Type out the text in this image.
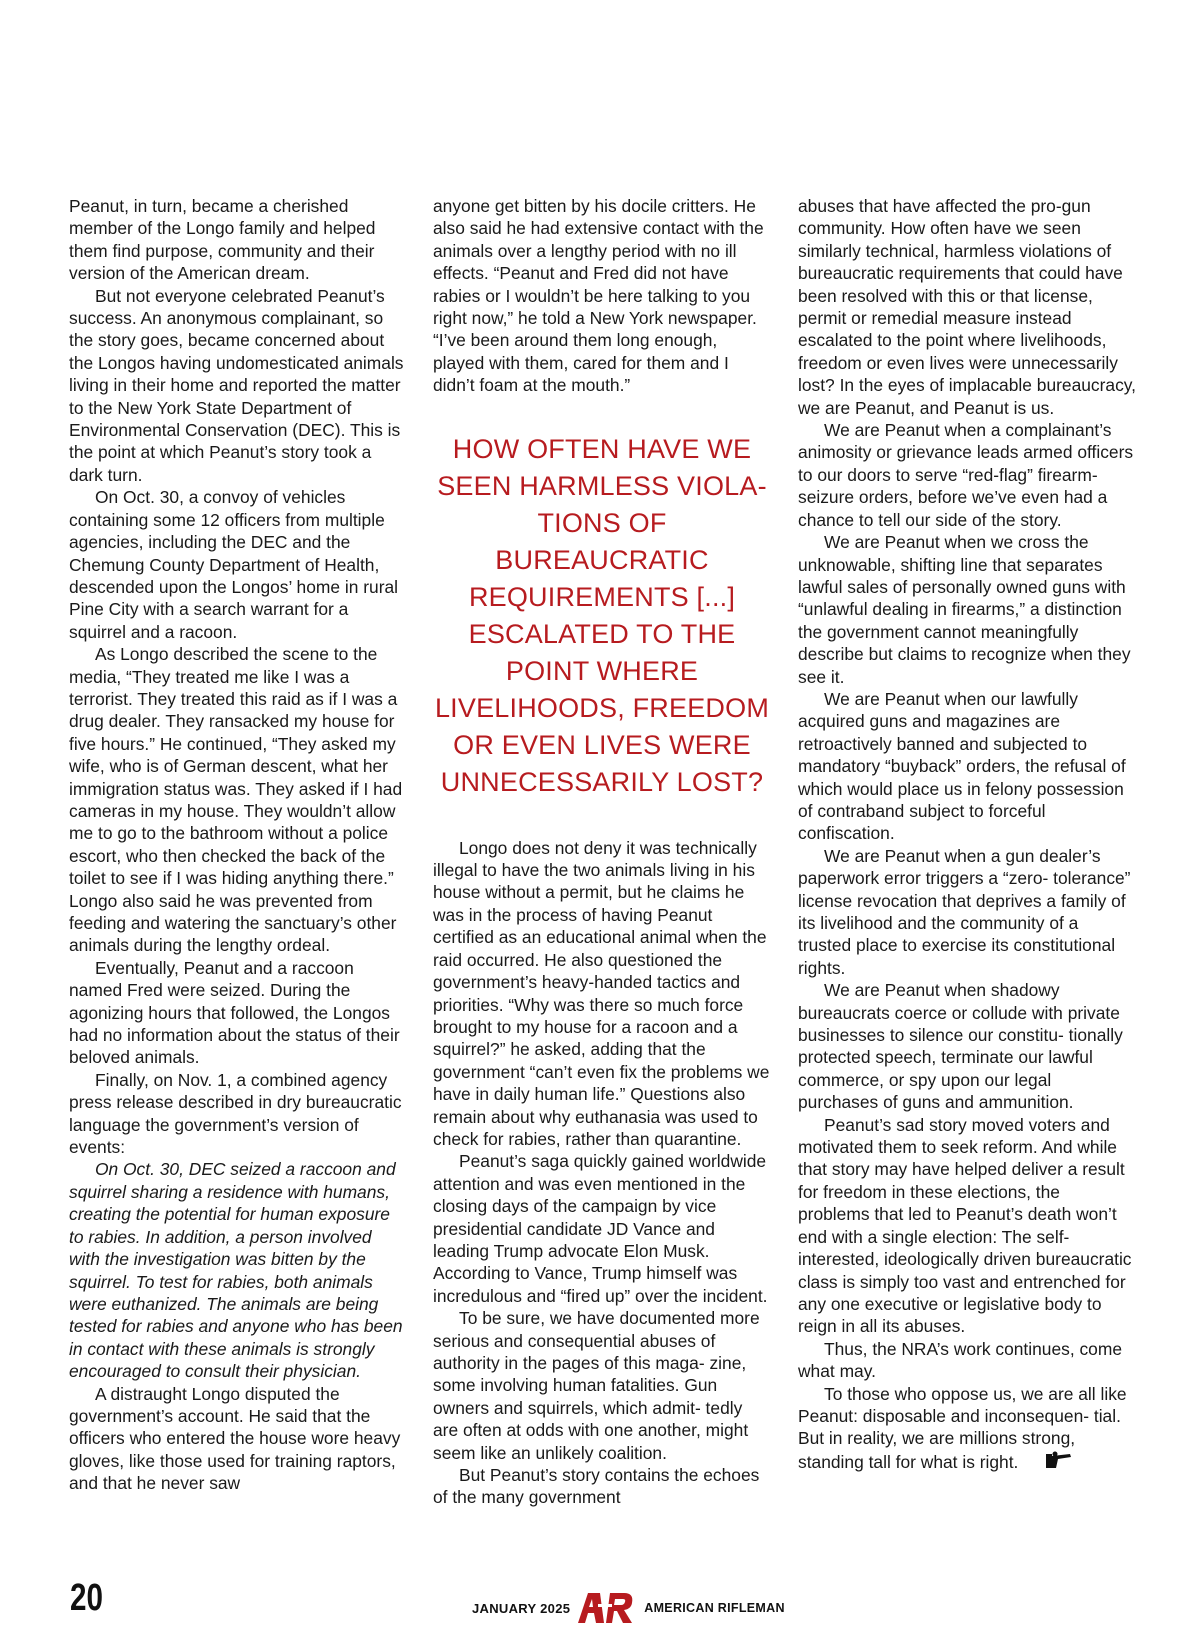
Peanut, in turn, became a cherished member of the Longo family and helped them find purpose, community and their version of the American dream.

But not everyone celebrated Peanut’s success. An anonymous complainant, so the story goes, became concerned about the Longos having undomesticated animals living in their home and reported the matter to the New York State Department of Environmental Conservation (DEC). This is the point at which Peanut’s story took a dark turn.

On Oct. 30, a convoy of vehicles containing some 12 officers from multiple agencies, including the DEC and the Chemung County Department of Health, descended upon the Longos’ home in rural Pine City with a search warrant for a squirrel and a racoon.

As Longo described the scene to the media, “They treated me like I was a terrorist. They treated this raid as if I was a drug dealer. They ransacked my house for five hours.” He continued, “They asked my wife, who is of German descent, what her immigration status was. They asked if I had cameras in my house. They wouldn’t allow me to go to the bathroom without a police escort, who then checked the back of the toilet to see if I was hiding anything there.” Longo also said he was prevented from feeding and watering the sanctuary’s other animals during the lengthy ordeal.

Eventually, Peanut and a raccoon named Fred were seized. During the agonizing hours that followed, the Longos had no information about the status of their beloved animals.

Finally, on Nov. 1, a combined agency press release described in dry bureaucratic language the government’s version of events:

On Oct. 30, DEC seized a raccoon and squirrel sharing a residence with humans, creating the potential for human exposure to rabies. In addition, a person involved with the investigation was bitten by the squirrel. To test for rabies, both animals were euthanized. The animals are being tested for rabies and anyone who has been in contact with these animals is strongly encouraged to consult their physician.

A distraught Longo disputed the government’s account. He said that the officers who entered the house wore heavy gloves, like those used for training raptors, and that he never saw

anyone get bitten by his docile critters. He also said he had extensive contact with the animals over a lengthy period with no ill effects. “Peanut and Fred did not have rabies or I wouldn’t be here talking to you right now,” he told a New York newspaper. “I’ve been around them long enough, played with them, cared for them and I didn’t foam at the mouth.”

HOW OFTEN HAVE WE SEEN HARMLESS VIOLA- TIONS OF BUREAUCRATIC REQUIREMENTS [...] ESCALATED TO THE POINT WHERE LIVELIHOODS, FREEDOM OR EVEN LIVES WERE UNNECESSARILY LOST?

Longo does not deny it was technically illegal to have the two animals living in his house without a permit, but he claims he was in the process of having Peanut certified as an educational animal when the raid occurred. He also questioned the government’s heavy-handed tactics and priorities. “Why was there so much force brought to my house for a racoon and a squirrel?” he asked, adding that the government “can’t even fix the problems we have in daily human life.” Questions also remain about why euthanasia was used to check for rabies, rather than quarantine.

Peanut’s saga quickly gained worldwide attention and was even mentioned in the closing days of the campaign by vice presidential candidate JD Vance and leading Trump advocate Elon Musk. According to Vance, Trump himself was incredulous and “fired up” over the incident.

To be sure, we have documented more serious and consequential abuses of authority in the pages of this maga- zine, some involving human fatalities. Gun owners and squirrels, which admit- tedly are often at odds with one another, might seem like an unlikely coalition.

But Peanut’s story contains the echoes of the many government

abuses that have affected the pro-gun community. How often have we seen similarly technical, harmless violations of bureaucratic requirements that could have been resolved with this or that license, permit or remedial measure instead escalated to the point where livelihoods, freedom or even lives were unnecessarily lost? In the eyes of implacable bureaucracy, we are Peanut, and Peanut is us.

We are Peanut when a complainant’s animosity or grievance leads armed officers to our doors to serve “red-flag” firearm-seizure orders, before we’ve even had a chance to tell our side of the story.

We are Peanut when we cross the unknowable, shifting line that separates lawful sales of personally owned guns with “unlawful dealing in firearms,” a distinction the government cannot meaningfully describe but claims to recognize when they see it.

We are Peanut when our lawfully acquired guns and magazines are retroactively banned and subjected to mandatory “buyback” orders, the refusal of which would place us in felony possession of contraband subject to forceful confiscation.

We are Peanut when a gun dealer’s paperwork error triggers a “zero- tolerance” license revocation that deprives a family of its livelihood and the community of a trusted place to exercise its constitutional rights.

We are Peanut when shadowy bureaucrats coerce or collude with private businesses to silence our constitu- tionally protected speech, terminate our lawful commerce, or spy upon our legal purchases of guns and ammunition.

Peanut’s sad story moved voters and motivated them to seek reform. And while that story may have helped deliver a result for freedom in these elections, the problems that led to Peanut’s death won’t end with a single election: The self-interested, ideologically driven bureaucratic class is simply too vast and entrenched for any one executive or legislative body to reign in all its abuses.

Thus, the NRA’s work continues, come what may.

To those who oppose us, we are all like Peanut: disposable and inconsequen- tial. But in reality, we are millions strong, standing tall for what is right.

20	JANUARY 2025	AMERICAN RIFLEMAN
